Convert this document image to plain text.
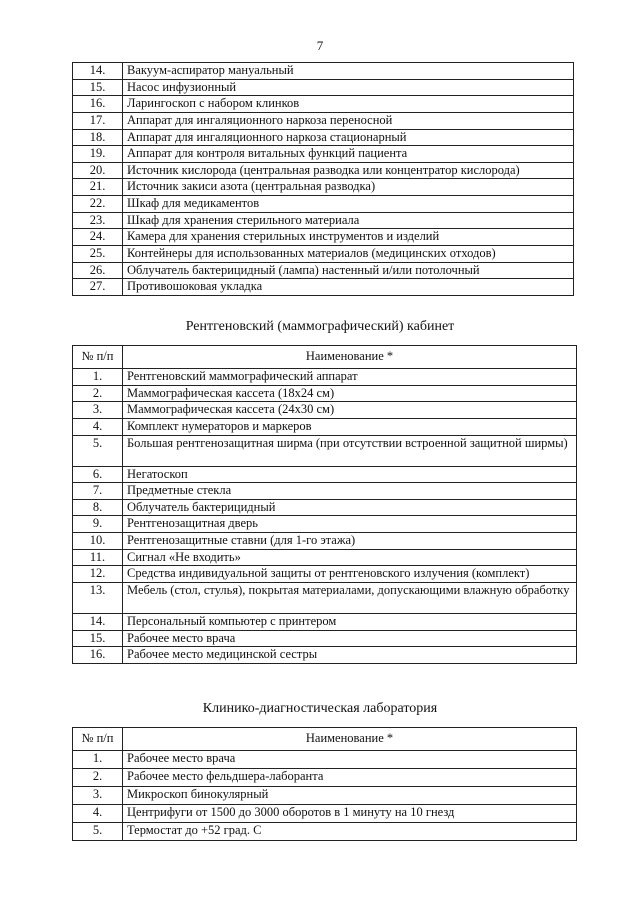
7
14.	Вакуум-аспиратор мануальный
15.	Насос инфузионный
16.	Ларингоскоп с набором клинков
17.	Аппарат для ингаляционного наркоза переносной
18.	Аппарат для ингаляционного наркоза стационарный
19.	Аппарат для контроля витальных функций пациента
20.	Источник кислорода (центральная разводка или концентратор кислорода)
21.	Источник закиси азота (центральная разводка)
22.	Шкаф для медикаментов
23.	Шкаф для хранения стерильного материала
24.	Камера для хранения стерильных инструментов и изделий
25.	Контейнеры для использованных материалов (медицинских отходов)
26.	Облучатель бактерицидный (лампа) настенный и/или потолочный
27.	Противошоковая укладка
Рентгеновский (маммографический) кабинет
№ п/п	Наименование *
1.	Рентгеновский маммографический аппарат
2.	Маммографическая кассета (18x24 см)
3.	Маммографическая кассета (24x30 см)
4.	Комплект нумераторов и маркеров
5.	Большая рентгенозащитная ширма (при отсутствии встроенной защитной ширмы)
6.	Негатоскоп
7.	Предметные стекла
8.	Облучатель бактерицидный
9.	Рентгенозащитная дверь
10.	Рентгенозащитные ставни (для 1-го этажа)
11.	Сигнал «Не входить»
12.	Средства индивидуальной защиты от рентгеновского излучения (комплект)
13.	Мебель (стол, стулья), покрытая материалами, допускающими влажную обработку
14.	Персональный компьютер с принтером
15.	Рабочее место врача
16.	Рабочее место медицинской сестры
Клинико-диагностическая лаборатория
№ п/п	Наименование *
1.	Рабочее место врача
2.	Рабочее место фельдшера-лаборанта
3.	Микроскоп бинокулярный
4.	Центрифуги от 1500 до 3000 оборотов в 1 минуту на 10 гнезд
5.	Термостат до +52 град. С
